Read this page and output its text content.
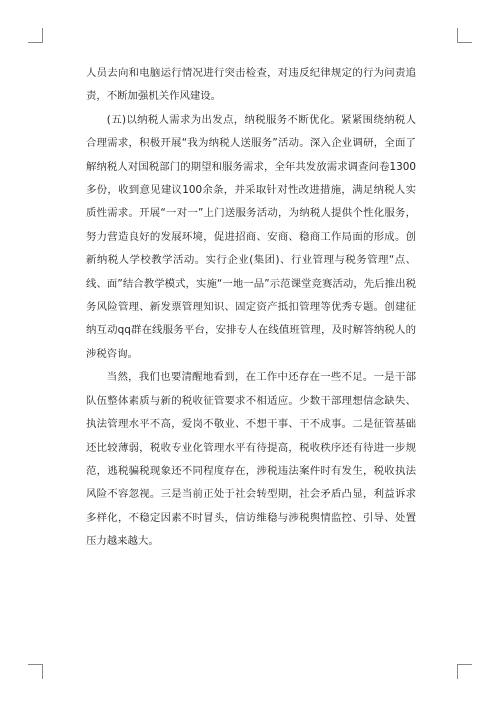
人员去向和电脑运行情况进行突击检查，对违反纪律规定的行为问责追责，不断加强机关作风建设。

(五)以纳税人需求为出发点，纳税服务不断优化。紧紧围绕纳税人合理需求，积极开展“我为纳税人送服务”活动。深入企业调研，全面了解纳税人对国税部门的期望和服务需求，全年共发放需求调查问卷1300多份，收到意见建议100余条，并采取针对性改进措施，满足纳税人实质性需求。开展“一对一”上门送服务活动，为纳税人提供个性化服务，努力营造良好的发展环境，促进招商、安商、稳商工作局面的形成。创新纳税人学校教学活动。实行企业(集团)、行业管理与税务管理“点、线、面”结合教学模式，实施“一地一品”示范课堂竞赛活动，先后推出税务风险管理、新发票管理知识、固定资产抵扣管理等优秀专题。创建征纳互动qq群在线服务平台，安排专人在线值班管理，及时解答纳税人的涉税咨询。

当然，我们也要清醒地看到，在工作中还存在一些不足。一是干部队伍整体素质与新的税收征管要求不相适应。少数干部理想信念缺失、执法管理水平不高，爱岗不敬业、不想干事、干不成事。二是征管基础还比较薄弱，税收专业化管理水平有待提高，税收秩序还有待进一步规范，逃税骗税现象还不同程度存在，涉税违法案件时有发生，税收执法风险不容忽视。三是当前正处于社会转型期，社会矛盾凸显，利益诉求多样化，不稳定因素不时冒头，信访维稳与涉税舆情监控、引导、处置压力越来越大。
